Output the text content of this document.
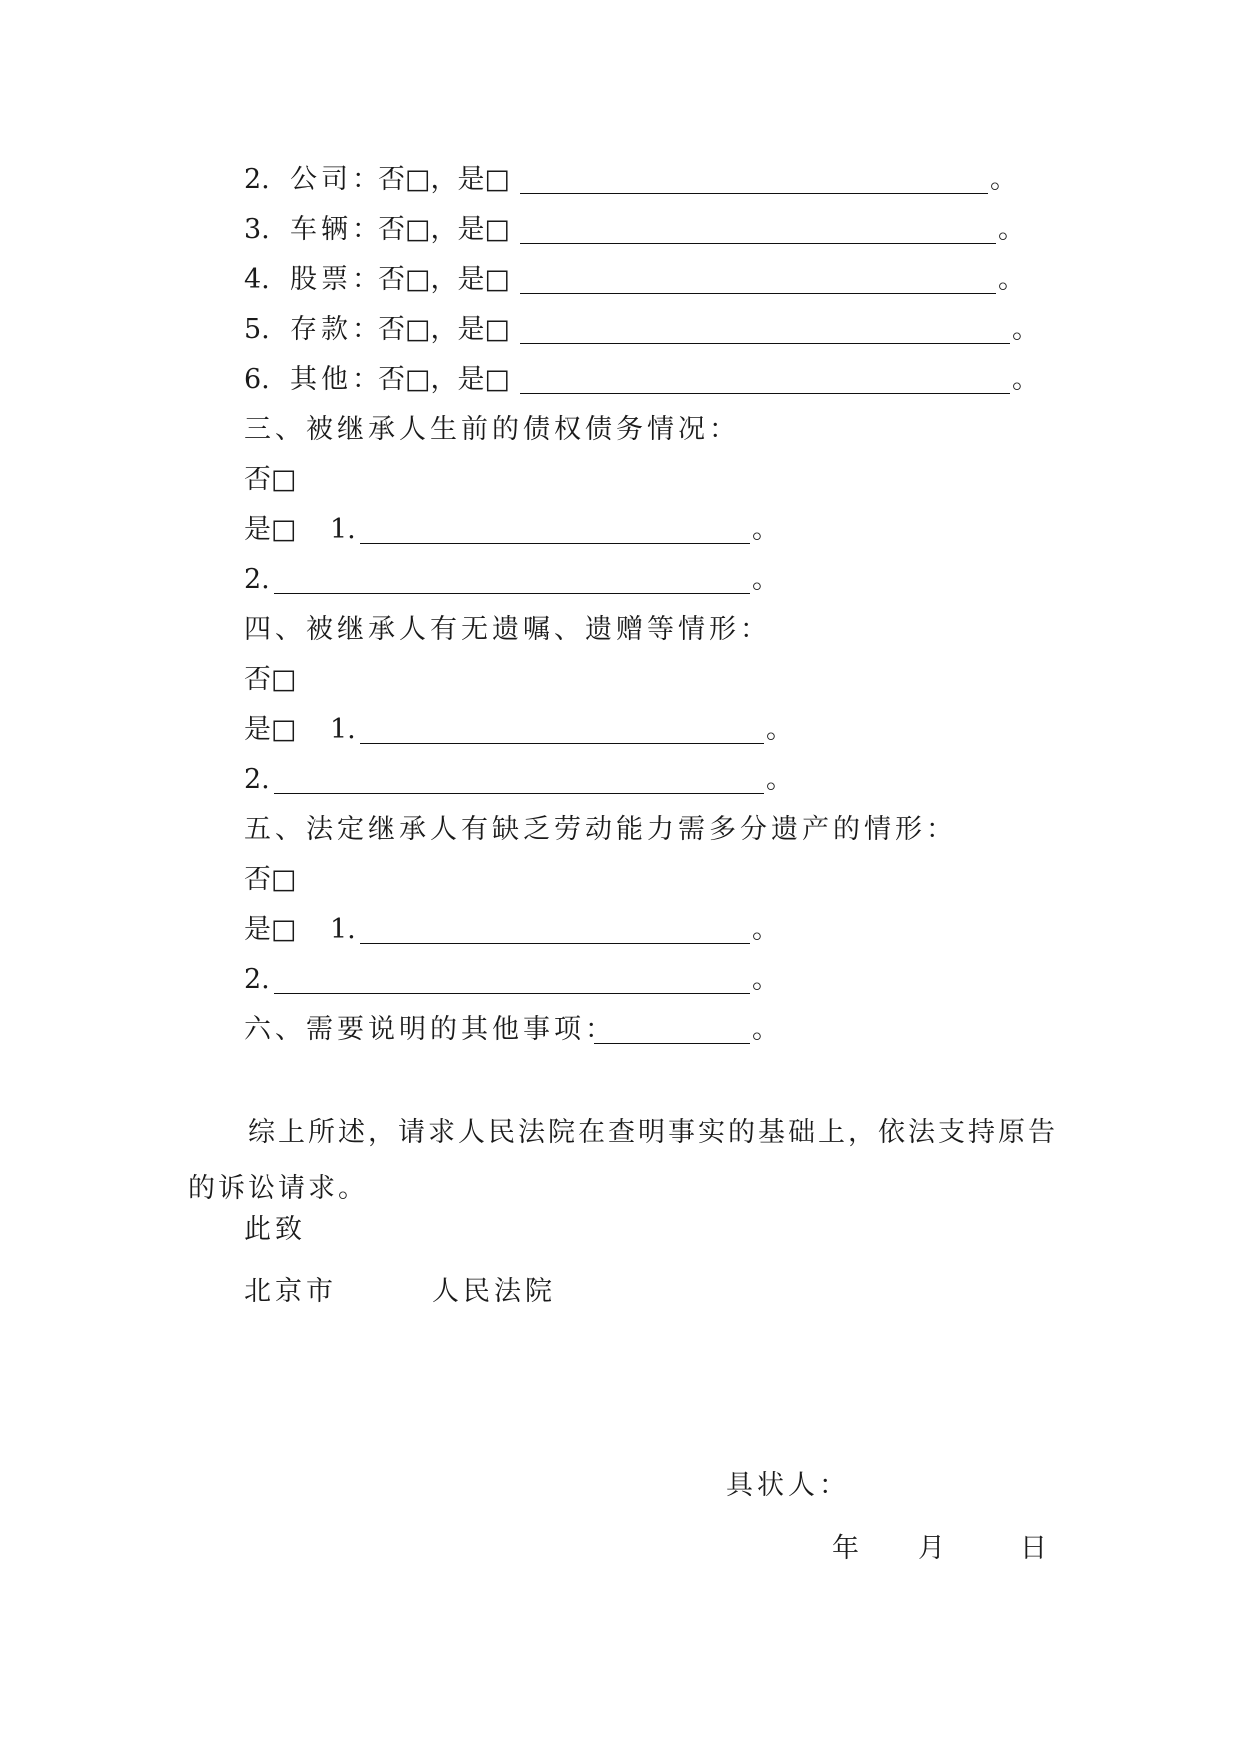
2. 公司：
否□，是□	。
3. 车辆：
否□，是□	。
4. 股票：
否□，是□	。
5. 存款：
否□，是□	。
6. 其他：
否□，是□	。
三、被继承人生前的债权债务情况：
否□
是□ 1.	。
2.	。
四、被继承人有无遗嘱、遗赠等情形：
否□
是□ 1.	。
2.	。
五、法定继承人有缺乏劳动能力需多分遗产的情形：
否□
是□ 1.	。
2.	。
六、需要说明的其他事项：	。
综上所述，请求人民法院在查明事实的基础上，依法支持原告的诉讼请求。
此致
北京市	人民法院
具状人：
年 月	日
